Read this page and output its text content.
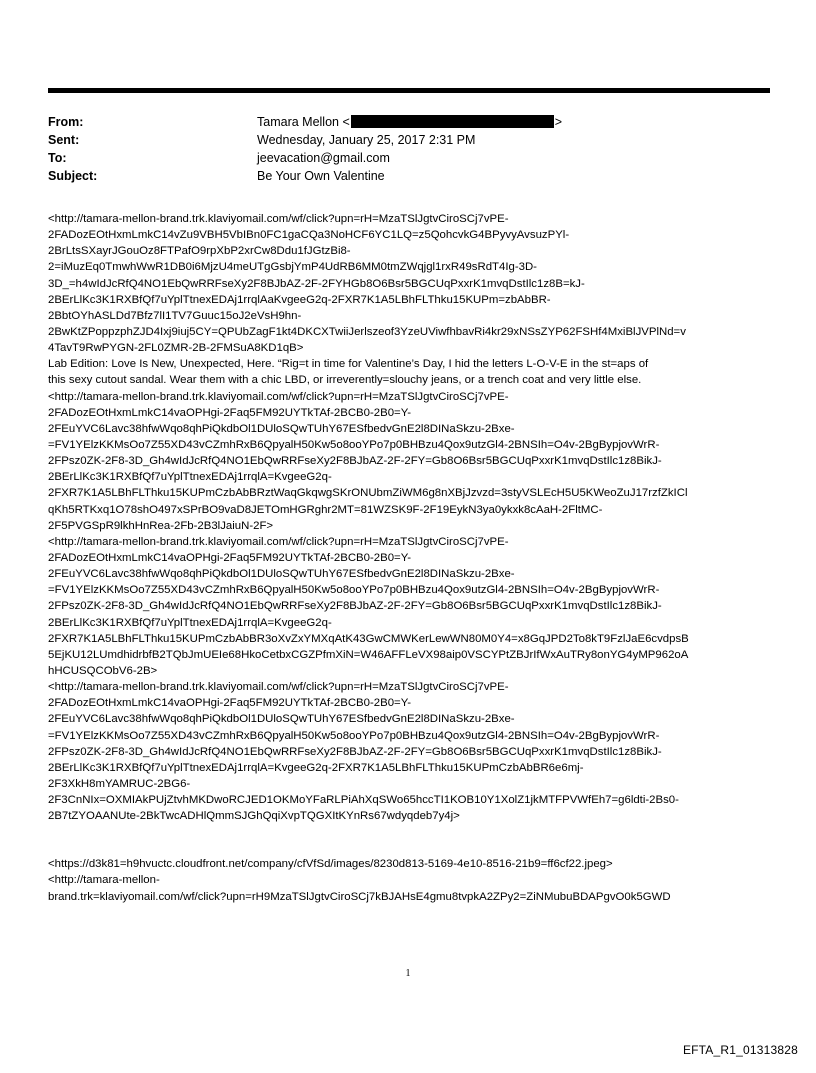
From:	Tamara Mellon <	>
Sent:	Wednesday, January 25, 2017 2:31 PM
To:	jeevacation@gmail.com
Subject:	Be Your Own Valentine
<http://tamara-mellon-brand.trk.klaviyomail.com/wf/click?upn=rH=MzaTSlJgtvCiroSCj7vPE-
2FADozEOtHxmLmkC14vZu9VBH5VbIBn0FC1gaCQa3NoHCF6YC1LQ=z5QohcvkG4BPyvyAvsuzPYl-
2BrLtsSXayrJGouOz8FTPafO9rpXbP2xrCw8Ddu1fJGtzBi8-
2=iMuzEq0TmwhWwR1DB0i6MjzU4meUTgGsbjYmP4UdRB6MM0tmZWqjgl1rxR49sRdT4Ig-3D-
3D_=h4wIdJcRfQ4NO1EbQwRRFseXy2F8BJbAZ-2F-2FYHGb8O6Bsr5BGCUqPxxrK1mvqDstIlc1z8B=kJ-
2BErLlKc3K1RXBfQf7uYplTtnexEDAj1rrqlAaKvgeeG2q-2FXR7K1A5LBhFLThku15KUPm=zbAbBR-
2BbtOYhASLDd7Bfz7lI1TV7Guuc15oJ2eVsH9hn-
2BwKtZPoppzphZJD4Ixj9iuj5CY=QPUbZagF1kt4DKCXTwiiJerlszeof3YzeUViwfhbavRi4kr29xNSsZYP62FSHf4MxiBlJVPlNd=v
4TavT9RwPYGN-2FL0ZMR-2B-2FMSuA8KD1qB>
Lab Edition: Love Is New, Unexpected, Here. “Rig=t in time for Valentine’s Day, I hid the letters L-O-V-E in the st=aps of
this sexy cutout sandal. Wear them with a chic LBD, or irreverently=slouchy jeans, or a trench coat and very little else.
<http://tamara-mellon-brand.trk.klaviyomail.com/wf/click?upn=rH=MzaTSlJgtvCiroSCj7vPE-
2FADozEOtHxmLmkC14vaOPHgi-2Faq5FM92UYTkTAf-2BCB0-2B0=Y-
2FEuYVC6Lavc38hfwWqo8qhPiQkdbOl1DUloSQwTUhY67ESfbedvGnE2l8DINaSkzu-2Bxe-
=FV1YElzKKMsOo7Z55XD43vCZmhRxB6QpyalH50Kw5o8ooYPo7p0BHBzu4Qox9utzGl4-2BNSIh=O4v-2BgBypjovWrR-
2FPsz0ZK-2F8-3D_Gh4wIdJcRfQ4NO1EbQwRRFseXy2F8BJbAZ-2F-2FY=Gb8O6Bsr5BGCUqPxxrK1mvqDstIlc1z8BikJ-
2BErLlKc3K1RXBfQf7uYplTtnexEDAj1rrqlA=KvgeeG2q-
2FXR7K1A5LBhFLThku15KUPmCzbAbBRztWaqGkqwgSKrONUbmZiWM6g8nXBjJzvzd=3styVSLEcH5U5KWeoZuJ17rzfZkICl
qKh5RTKxq1O78shO497xSPrBO9vaD8JETOmHGRghr2MT=81WZSK9F-2F19EykN3ya0ykxk8cAaH-2FltMC-
2F5PVGSpR9lkhHnRea-2Fb-2B3lJaiuN-2F>
<http://tamara-mellon-brand.trk.klaviyomail.com/wf/click?upn=rH=MzaTSlJgtvCiroSCj7vPE-
2FADozEOtHxmLmkC14vaOPHgi-2Faq5FM92UYTkTAf-2BCB0-2B0=Y-
2FEuYVC6Lavc38hfwWqo8qhPiQkdbOl1DUloSQwTUhY67ESfbedvGnE2l8DINaSkzu-2Bxe-
=FV1YElzKKMsOo7Z55XD43vCZmhRxB6QpyalH50Kw5o8ooYPo7p0BHBzu4Qox9utzGl4-2BNSIh=O4v-2BgBypjovWrR-
2FPsz0ZK-2F8-3D_Gh4wIdJcRfQ4NO1EbQwRRFseXy2F8BJbAZ-2F-2FY=Gb8O6Bsr5BGCUqPxxrK1mvqDstIlc1z8BikJ-
2BErLlKc3K1RXBfQf7uYplTtnexEDAj1rrqlA=KvgeeG2q-
2FXR7K1A5LBhFLThku15KUPmCzbAbBR3oXvZxYMXqAtK43GwCMWKerLewWN80M0Y4=x8GqJPD2To8kT9FzlJaE6cvdpsB
5EjKU12LUmdhidrbfB2TQbJmUEIe68HkoCetbxCGZPfmXiN=W46AFFLeVX98aip0VSCYPtZBJrIfWxAuTRy8onYG4yMP962oA
hHCUSQCObV6-2B>
<http://tamara-mellon-brand.trk.klaviyomail.com/wf/click?upn=rH=MzaTSlJgtvCiroSCj7vPE-
2FADozEOtHxmLmkC14vaOPHgi-2Faq5FM92UYTkTAf-2BCB0-2B0=Y-
2FEuYVC6Lavc38hfwWqo8qhPiQkdbOl1DUloSQwTUhY67ESfbedvGnE2l8DINaSkzu-2Bxe-
=FV1YElzKKMsOo7Z55XD43vCZmhRxB6QpyalH50Kw5o8ooYPo7p0BHBzu4Qox9utzGl4-2BNSIh=O4v-2BgBypjovWrR-
2FPsz0ZK-2F8-3D_Gh4wIdJcRfQ4NO1EbQwRRFseXy2F8BJbAZ-2F-2FY=Gb8O6Bsr5BGCUqPxxrK1mvqDstIlc1z8BikJ-
2BErLlKc3K1RXBfQf7uYplTtnexEDAj1rrqlA=KvgeeG2q-2FXR7K1A5LBhFLThku15KUPmCzbAbBR6e6mj-
2F3XkH8mYAMRUC-2BG6-
2F3CnNIx=OXMIAkPUjZtvhMKDwoRCJED1OKMoYFaRLPiAhXqSWo65hccTI1KOB10Y1XolZ1jkMTFPVWfEh7=g6ldti-2Bs0-
2B7tZYOAANUte-2BkTwcADHlQmmSJGhQqiXvpTQGXItKYnRs67wdyqdeb7y4j>
<https://d3k81=h9hvuctc.cloudfront.net/company/cfVfSd/images/8230d813-5169-4e10-8516-21b9=ff6cf22.jpeg>
<http://tamara-mellon-
brand.trk=klaviyomail.com/wf/click?upn=rH9MzaTSlJgtvCiroSCj7kBJAHsE4gmu8tvpkA2ZPy2=ZiNMubuBDAPgvO0k5GWD
1
EFTA_R1_01313828
